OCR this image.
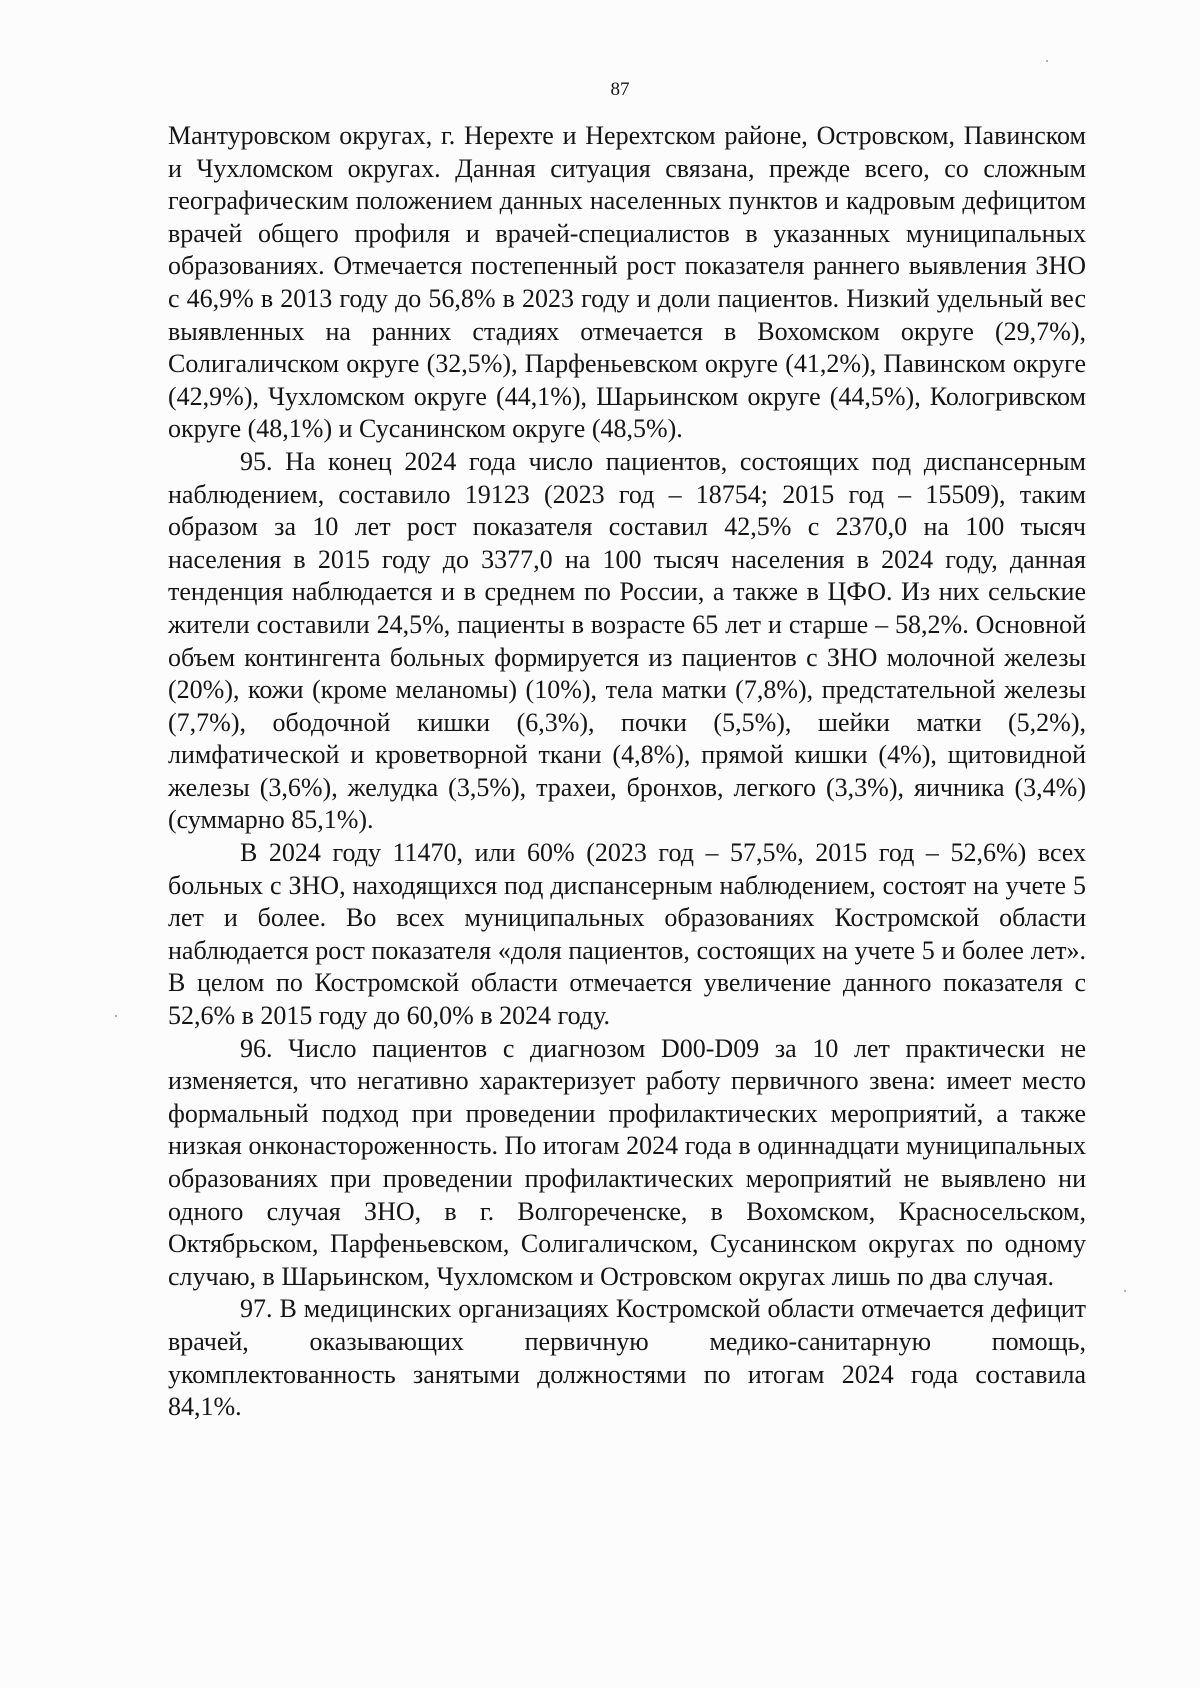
87

Мантуровском округах, г. Нерехте и Нерехтском районе, Островском, Павинском и Чухломском округах. Данная ситуация связана, прежде всего, со сложным географическим положением данных населенных пунктов и кадровым дефицитом врачей общего профиля и врачей-специалистов в указанных муниципальных образованиях. Отмечается постепенный рост показателя раннего выявления ЗНО с 46,9% в 2013 году до 56,8% в 2023 году и доли пациентов. Низкий удельный вес выявленных на ранних стадиях отмечается в Вохомском округе (29,7%), Солигаличском округе (32,5%), Парфеньевском округе (41,2%), Павинском округе (42,9%), Чухломском округе (44,1%), Шарьинском округе (44,5%), Кологривском округе (48,1%) и Сусанинском округе (48,5%).

95. На конец 2024 года число пациентов, состоящих под диспансерным наблюдением, составило 19123 (2023 год – 18754; 2015 год – 15509), таким образом за 10 лет рост показателя составил 42,5% с 2370,0 на 100 тысяч населения в 2015 году до 3377,0 на 100 тысяч населения в 2024 году, данная тенденция наблюдается и в среднем по России, а также в ЦФО. Из них сельские жители составили 24,5%, пациенты в возрасте 65 лет и старше – 58,2%. Основной объем контингента больных формируется из пациентов с ЗНО молочной железы (20%), кожи (кроме меланомы) (10%), тела матки (7,8%), предстательной железы (7,7%), ободочной кишки (6,3%), почки (5,5%), шейки матки (5,2%), лимфатической и кроветворной ткани (4,8%), прямой кишки (4%), щитовидной железы (3,6%), желудка (3,5%), трахеи, бронхов, легкого (3,3%), яичника (3,4%) (суммарно 85,1%).

В 2024 году 11470, или 60% (2023 год – 57,5%, 2015 год – 52,6%) всех больных с ЗНО, находящихся под диспансерным наблюдением, состоят на учете 5 лет и более. Во всех муниципальных образованиях Костромской области наблюдается рост показателя «доля пациентов, состоящих на учете 5 и более лет». В целом по Костромской области отмечается увеличение данного показателя с 52,6% в 2015 году до 60,0% в 2024 году.

96. Число пациентов с диагнозом D00-D09 за 10 лет практически не изменяется, что негативно характеризует работу первичного звена: имеет место формальный подход при проведении профилактических мероприятий, а также низкая онконастороженность. По итогам 2024 года в одиннадцати муниципальных образованиях при проведении профилактических мероприятий не выявлено ни одного случая ЗНО, в г. Волгореченске, в Вохомском, Красносельском, Октябрьском, Парфеньевском, Солигаличском, Сусанинском округах по одному случаю, в Шарьинском, Чухломском и Островском округах лишь по два случая.

97. В медицинских организациях Костромской области отмечается дефицит врачей, оказывающих первичную медико-санитарную помощь, укомплектованность занятыми должностями по итогам 2024 года составила 84,1%.
